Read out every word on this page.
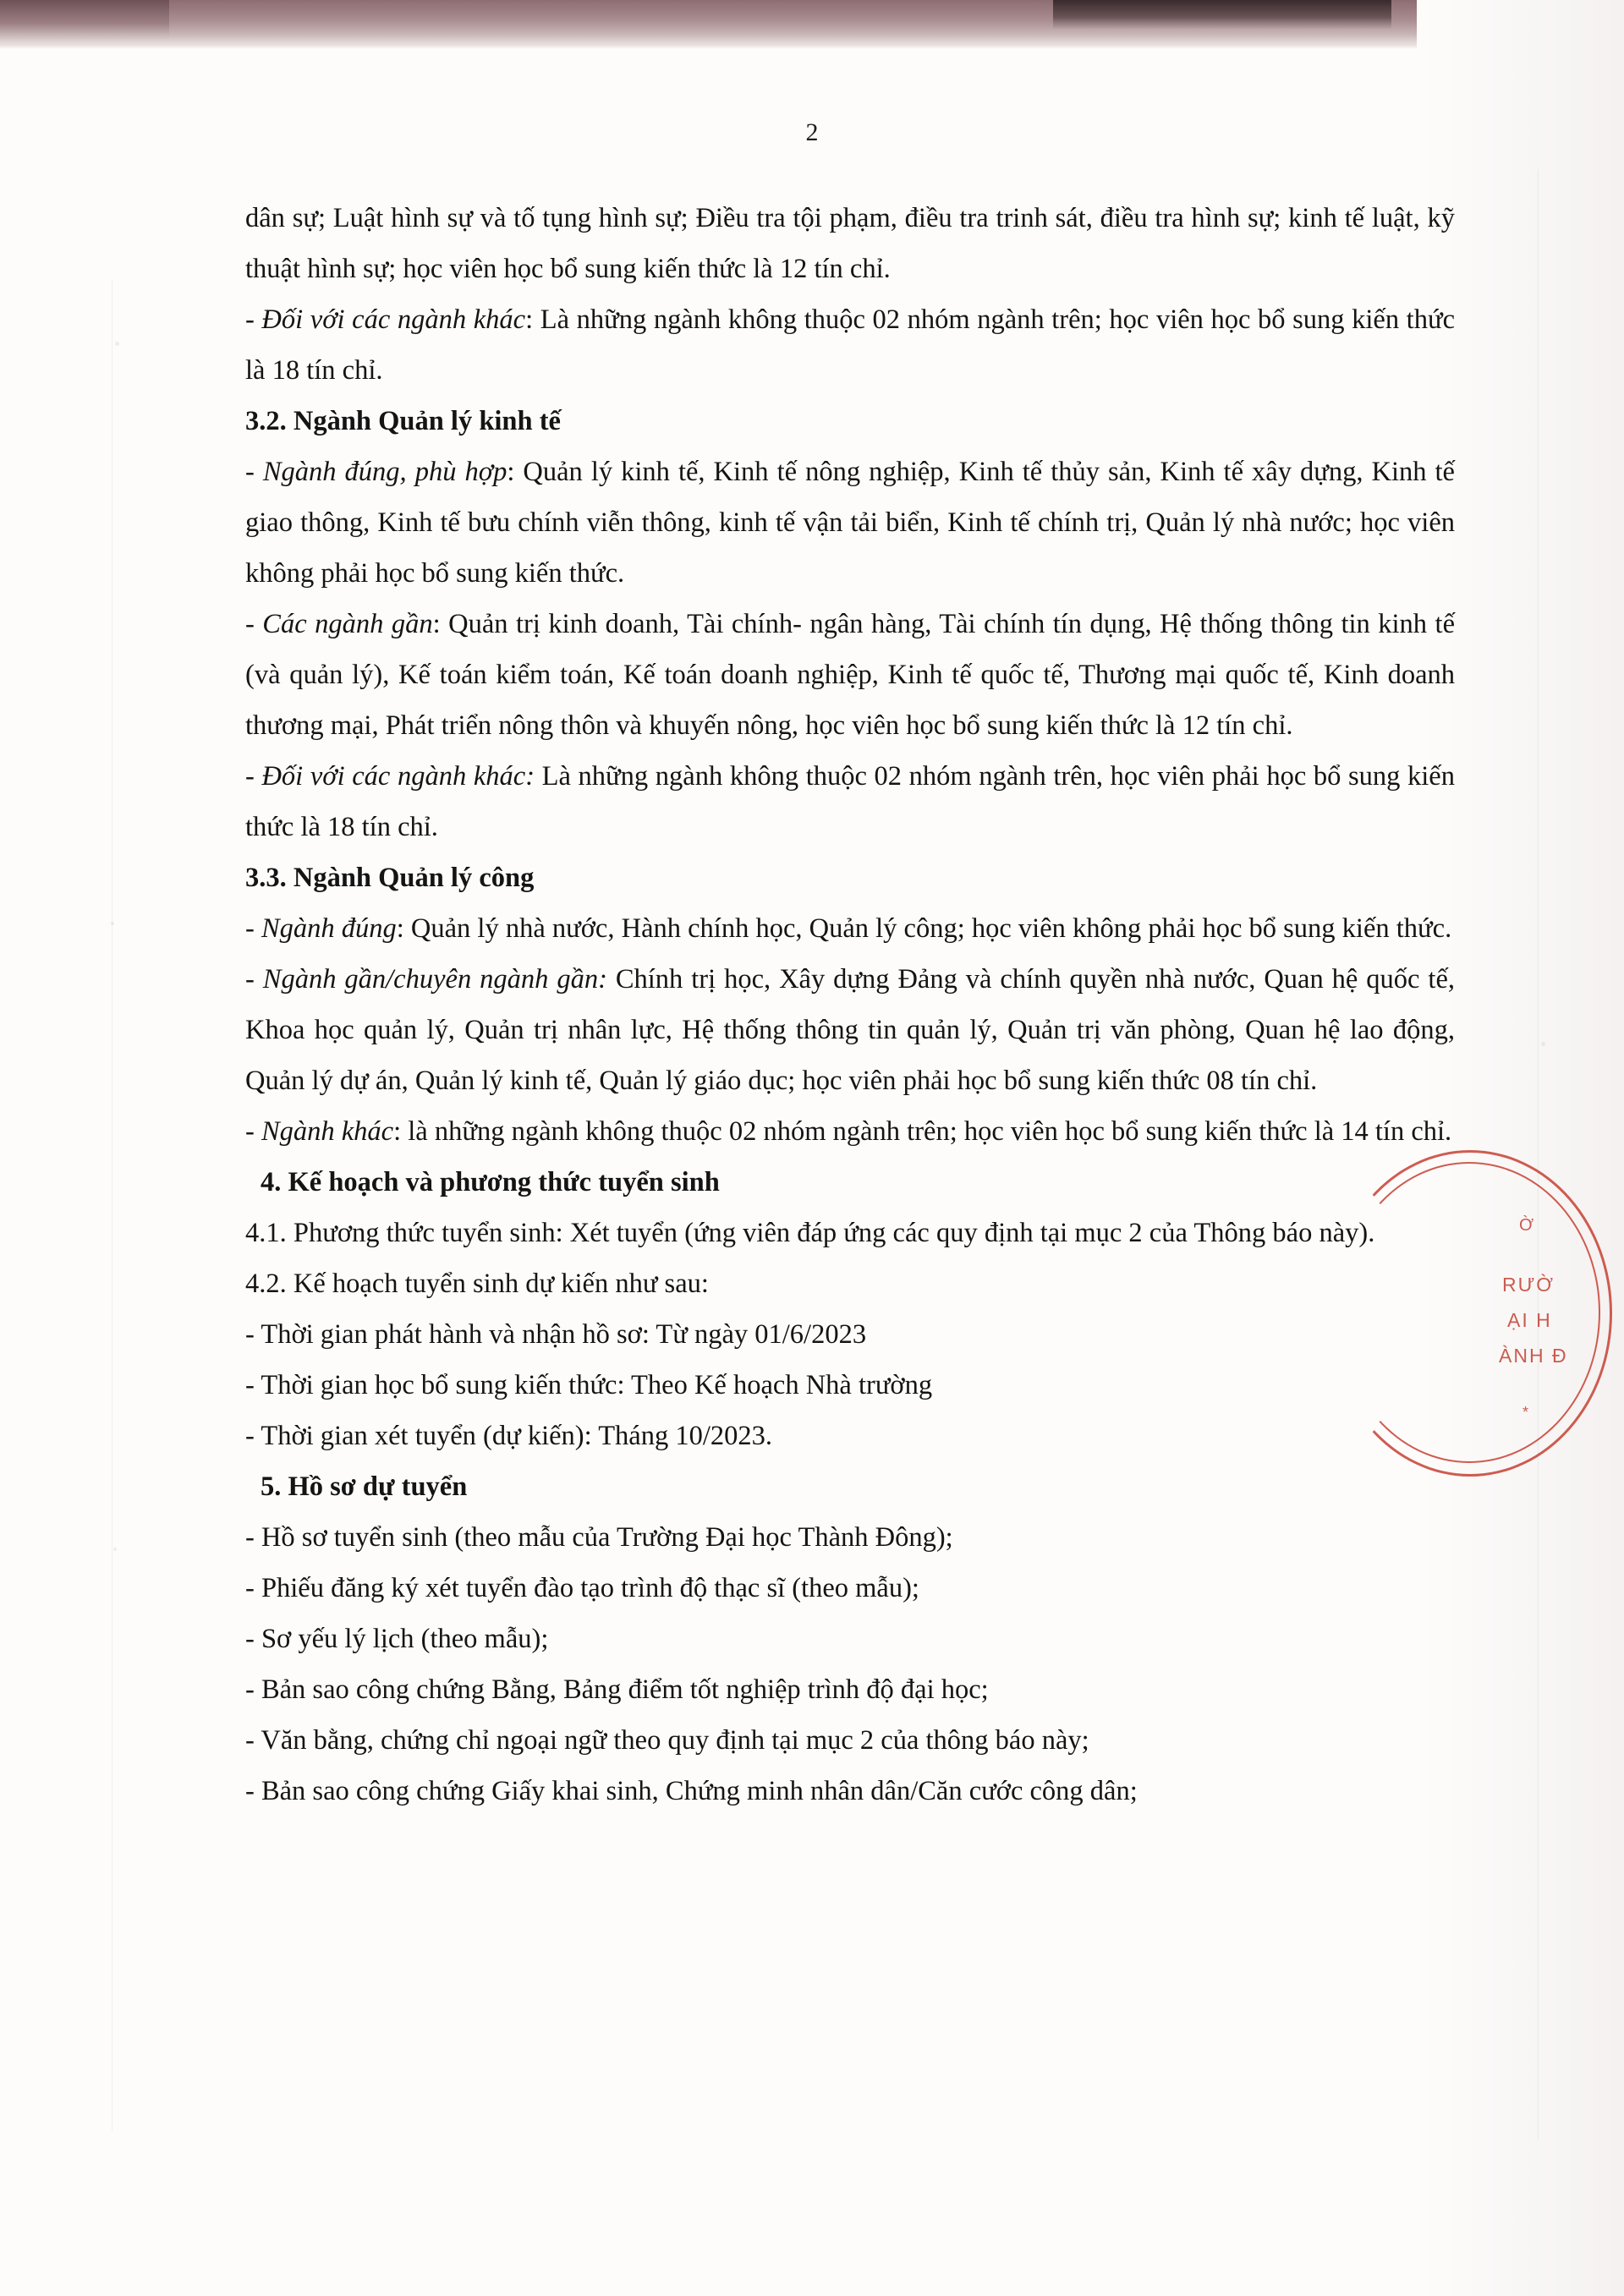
2

dân sự; Luật hình sự và tố tụng hình sự; Điều tra tội phạm, điều tra trinh sát, điều tra hình sự; kinh tế luật, kỹ thuật hình sự; học viên học bổ sung kiến thức là 12 tín chỉ.

- Đối với các ngành khác: Là những ngành không thuộc 02 nhóm ngành trên; học viên học bổ sung kiến thức là 18 tín chỉ.

3.2. Ngành Quản lý kinh tế

- Ngành đúng, phù hợp: Quản lý kinh tế, Kinh tế nông nghiệp, Kinh tế thủy sản, Kinh tế xây dựng, Kinh tế giao thông, Kinh tế bưu chính viễn thông, kinh tế vận tải biển, Kinh tế chính trị, Quản lý nhà nước; học viên không phải học bổ sung kiến thức.

- Các ngành gần: Quản trị kinh doanh, Tài chính- ngân hàng, Tài chính tín dụng, Hệ thống thông tin kinh tế (và quản lý), Kế toán kiểm toán, Kế toán doanh nghiệp, Kinh tế quốc tế, Thương mại quốc tế, Kinh doanh thương mại, Phát triển nông thôn và khuyến nông, học viên học bổ sung kiến thức là 12 tín chỉ.

- Đối với các ngành khác: Là những ngành không thuộc 02 nhóm ngành trên, học viên phải học bổ sung kiến thức là 18 tín chỉ.

3.3. Ngành Quản lý công

- Ngành đúng: Quản lý nhà nước, Hành chính học, Quản lý công; học viên không phải học bổ sung kiến thức.

- Ngành gần/chuyên ngành gần: Chính trị học, Xây dựng Đảng và chính quyền nhà nước, Quan hệ quốc tế, Khoa học quản lý, Quản trị nhân lực, Hệ thống thông tin quản lý, Quản trị văn phòng, Quan hệ lao động, Quản lý dự án, Quản lý kinh tế, Quản lý giáo dục; học viên phải học bổ sung kiến thức 08 tín chỉ.

- Ngành khác: là những ngành không thuộc 02 nhóm ngành trên; học viên học bổ sung kiến thức là 14 tín chỉ.

4. Kế hoạch và phương thức tuyển sinh

4.1. Phương thức tuyển sinh: Xét tuyển (ứng viên đáp ứng các quy định tại mục 2 của Thông báo này).

4.2. Kế hoạch tuyển sinh dự kiến như sau:

- Thời gian phát hành và nhận hồ sơ: Từ ngày 01/6/2023

- Thời gian học bổ sung kiến thức: Theo Kế hoạch Nhà trường

- Thời gian xét tuyển (dự kiến): Tháng 10/2023.

5. Hồ sơ dự tuyển

- Hồ sơ tuyển sinh (theo mẫu của Trường Đại học Thành Đông);

- Phiếu đăng ký xét tuyển đào tạo trình độ thạc sĩ (theo mẫu);

- Sơ yếu lý lịch (theo mẫu);

- Bản sao công chứng Bằng, Bảng điểm tốt nghiệp trình độ đại học;

- Văn bằng, chứng chỉ ngoại ngữ theo quy định tại mục 2 của thông báo này;

- Bản sao công chứng Giấy khai sinh, Chứng minh nhân dân/Căn cước công dân;

Ờ
RƯỜ
ẠI H
ÀNH Đ
*
